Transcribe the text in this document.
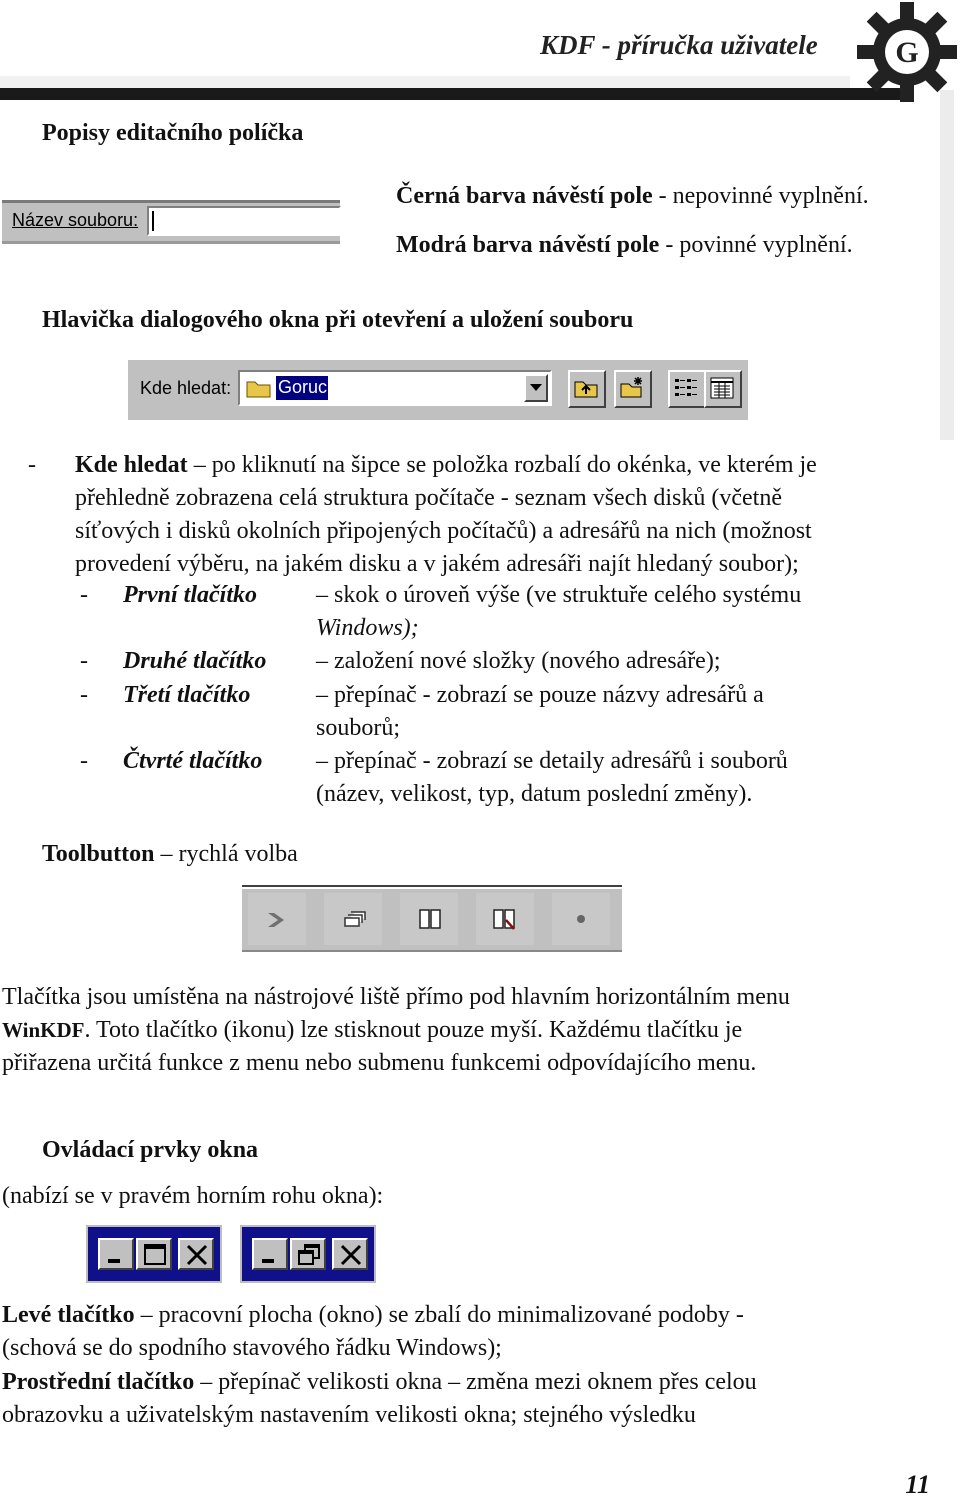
KDF - příručka uživatele	G
Popisy editačního políčka
Název souboru:
Černá barva návěstí pole - nepovinné vyplnění.
Modrá barva návěstí pole - povinné vyplnění.
Hlavička dialogového okna při otevření a uložení souboru
Kde hledat:	Goruci
- Kde hledat – po kliknutí na šipce se položka rozbalí do okénka, ve kterém je
přehledně zobrazena celá struktura počítače - seznam všech disků (včetně
síťových i disků okolních připojených počítačů) a adresářů na nich (možnost
provedení výběru, na jakém disku a v jakém adresáři najít hledaný soubor);
- První tlačítko – skok o úroveň výše (ve struktuře celého systému
Windows);
- Druhé tlačítko – založení nové složky (nového adresáře);
- Třetí tlačítko	– přepínač - zobrazí se pouze názvy adresářů a
souborů;
- Čtvrté tlačítko – přepínač - zobrazí se detaily adresářů i souborů
(název, velikost, typ, datum poslední změny).
Toolbutton – rychlá volba
Tlačítka jsou umístěna na nástrojové liště přímo pod hlavním horizontálním menu
WinKDF. Toto tlačítko (ikonu) lze stisknout pouze myší. Každému tlačítku je
přiřazena určitá funkce z menu nebo submenu funkcemi odpovídajícího menu.
Ovládací prvky okna
(nabízí se v pravém horním rohu okna):
Levé tlačítko – pracovní plocha (okno) se zbalí do minimalizované podoby -
(schová se do spodního stavového řádku Windows);
Prostřední tlačítko – přepínač velikosti okna – změna mezi oknem přes celou
obrazovku a uživatelským nastavením velikosti okna; stejného výsledku
11
